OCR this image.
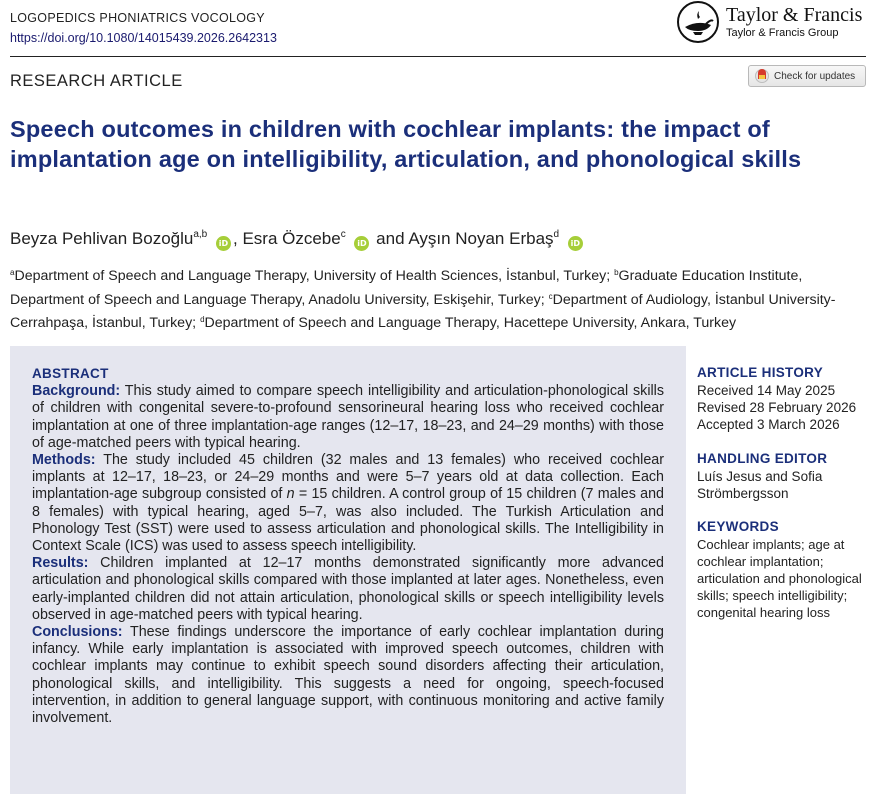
LOGOPEDICS PHONIATRICS VOCOLOGY
https://doi.org/10.1080/14015439.2026.2642313
Taylor & Francis
Taylor & Francis Group
RESEARCH ARTICLE	Check for updates
Speech outcomes in children with cochlear implants: the impact of implantation age on intelligibility, articulation, and phonological skills
Beyza Pehlivan Bozoğlu$^{a,b}$ iD , Esra Özcebe$^c$ iD and Ayşın Noyan Erbaş$^d$ iD
$^a$Department of Speech and Language Therapy, University of Health Sciences, İstanbul, Turkey; $^b$Graduate Education Institute, Department of Speech and Language Therapy, Anadolu University, Eskişehir, Turkey; $^c$Department of Audiology, İstanbul University-Cerrahpaşa, İstanbul, Turkey; $^d$Department of Speech and Language Therapy, Hacettepe University, Ankara, Turkey
ABSTRACT

Background: This study aimed to compare speech intelligibility and articulation-phonological skills of children with congenital severe-to-profound sensorineural hearing loss who received cochlear implantation at one of three implantation-age ranges (12–17, 18–23, and 24–29 months) with those of age-matched peers with typical hearing.

Methods: The study included 45 children (32 males and 13 females) who received cochlear implants at 12–17, 18–23, or 24–29 months and were 5–7 years old at data collection. Each implantation-age subgroup consisted of n = 15 children. A control group of 15 children (7 males and 8 females) with typical hearing, aged 5–7, was also included. The Turkish Articulation and Phonology Test (SST) were used to assess articulation and phonological skills. The Intelligibility in Context Scale (ICS) was used to assess speech intelligibility.

Results: Children implanted at 12–17 months demonstrated significantly more advanced articulation and phonological skills compared with those implanted at later ages. Nonetheless, even early-implanted children did not attain articulation, phonological skills or speech intelligibility levels observed in age-matched peers with typical hearing.

Conclusions: These findings underscore the importance of early cochlear implantation during infancy. While early implantation is associated with improved speech outcomes, children with cochlear implants may continue to exhibit speech sound disorders affecting their articulation, phonological skills, and intelligibility. This suggests a need for ongoing, speech-focused intervention, in addition to general language support, with continuous monitoring and active family involvement.

ARTICLE HISTORY
Received 14 May 2025
Revised 28 February 2026
Accepted 3 March 2026
HANDLING EDITOR
Luís Jesus and Sofia
Strömbergsson
KEYWORDS
Cochlear implants; age at cochlear implantation; articulation and phonological skills; speech intelligibility; congenital hearing loss
